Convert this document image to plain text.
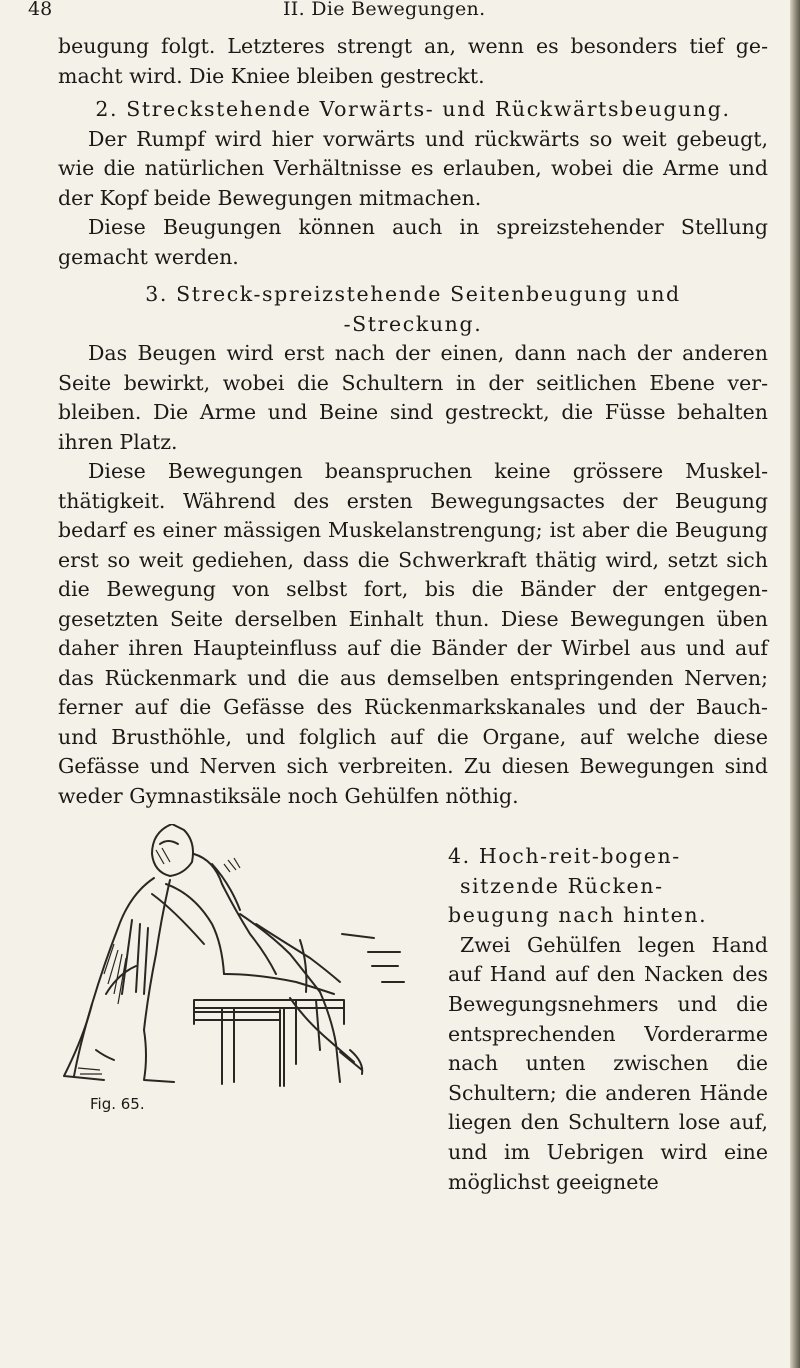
48	II. Die Bewegungen.

beugung folgt. Letzteres strengt an, wenn es besonders tief gemacht wird. Die Kniee bleiben gestreckt.

2. Streckstehende Vorwärts- und Rückwärtsbeugung.

Der Rumpf wird hier vorwärts und rückwärts so weit gebeugt, wie die natürlichen Verhältnisse es erlauben, wobei die Arme und der Kopf beide Bewegungen mitmachen.

Diese Beugungen können auch in spreizstehender Stellung gemacht werden.

3. Streck-spreizstehende Seitenbeugung und

-Streckung.

Das Beugen wird erst nach der einen, dann nach der anderen Seite bewirkt, wobei die Schultern in der seitlichen Ebene verbleiben. Die Arme und Beine sind gestreckt, die Füsse behalten ihren Platz.

Diese Bewegungen beanspruchen keine grössere Muskelthätigkeit. Während des ersten Bewegungsactes der Beugung bedarf es einer mässigen Muskelanstrengung; ist aber die Beugung erst so weit gediehen, dass die Schwerkraft thätig wird, setzt sich die Bewegung von selbst fort, bis die Bänder der entgegengesetzten Seite derselben Einhalt thun. Diese Bewegungen üben daher ihren Haupteinfluss auf die Bänder der Wirbel aus und auf das Rückenmark und die aus demselben entspringenden Nerven; ferner auf die Gefässe des Rückenmarkskanales und der Bauch- und Brusthöhle, und folglich auf die Organe, auf welche diese Gefässe und Nerven sich verbreiten. Zu diesen Bewegungen sind weder Gymnastiksäle noch Gehülfen nöthig.

Fig. 65.
4. Hoch-reit-bogen-
sitzende Rücken-
beugung nach hinten.

Zwei Gehülfen legen Hand auf Hand auf den Nacken des Bewegungsnehmers und die entsprechenden Vorderarme nach unten zwischen die Schultern; die anderen Hände liegen den Schultern lose auf, und im Uebrigen wird eine möglichst geeignete
